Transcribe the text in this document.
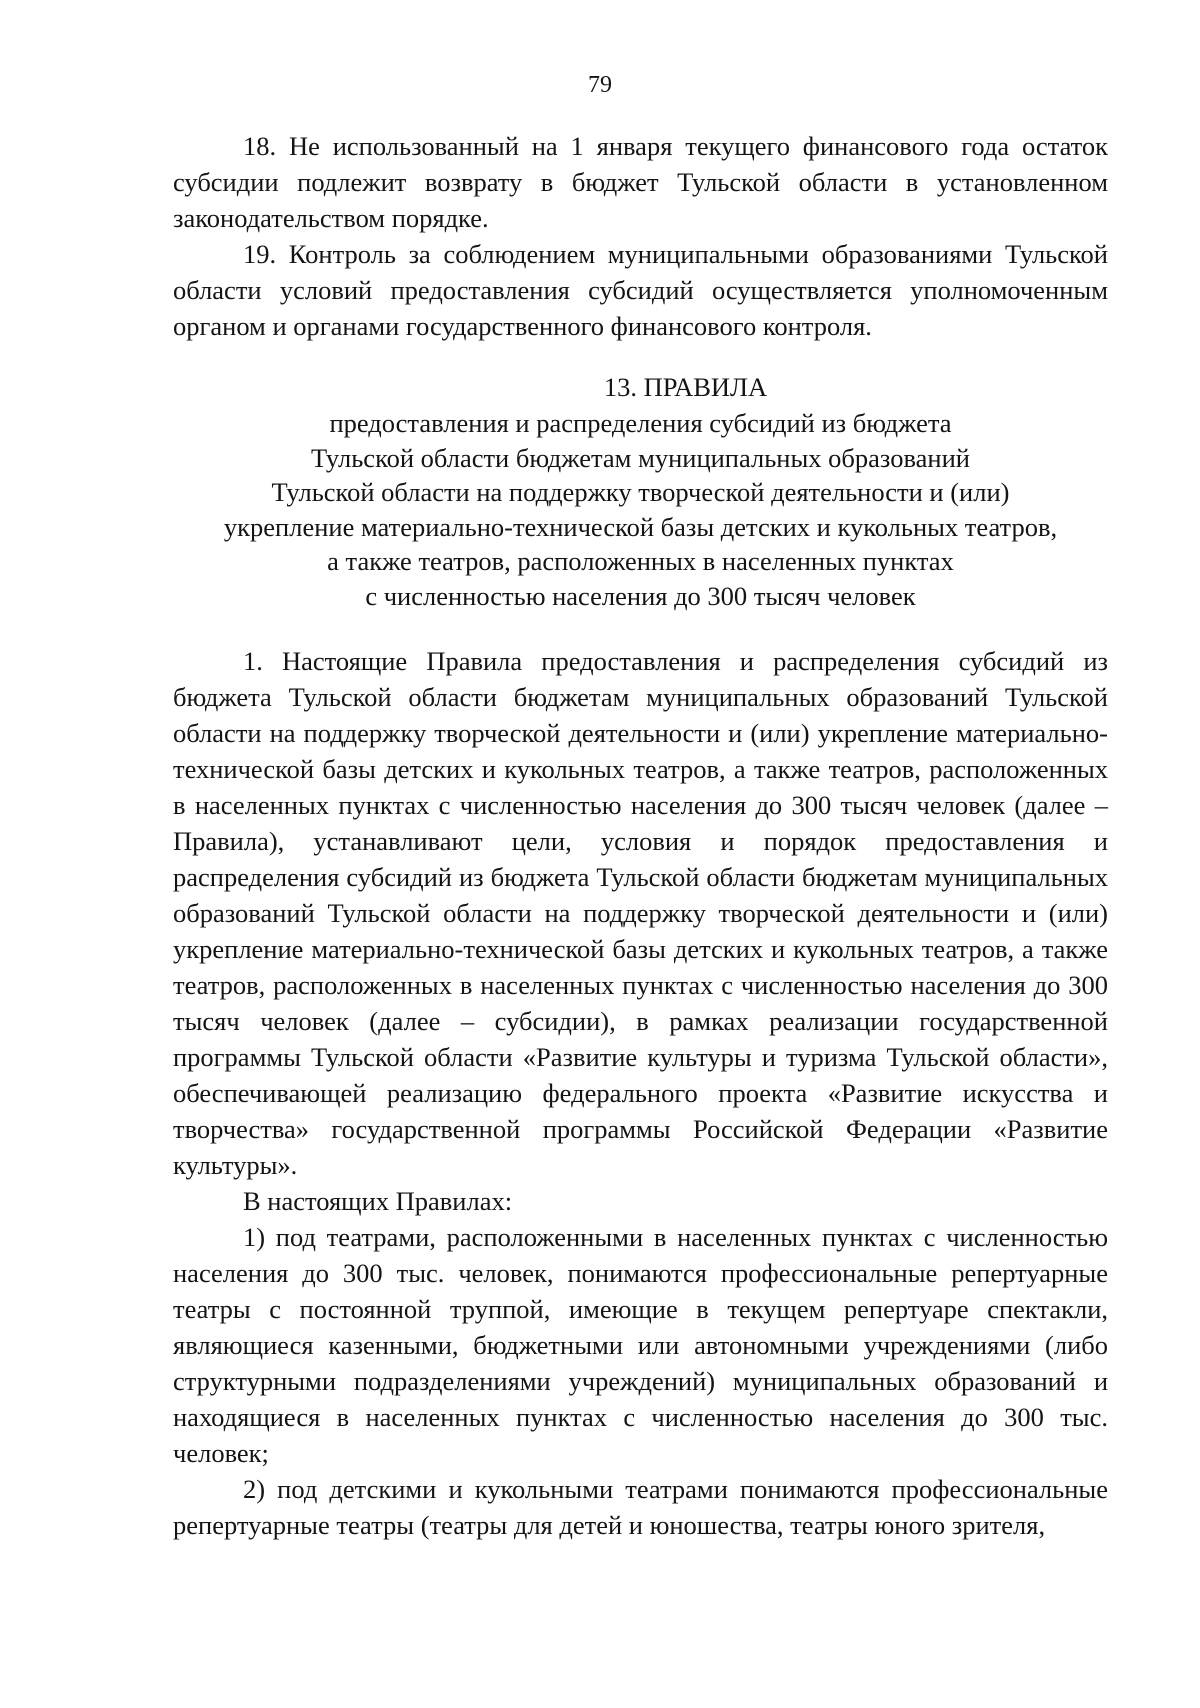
79

18. Не использованный на 1 января текущего финансового года остаток субсидии подлежит возврату в бюджет Тульской области в установленном законодательством порядке.

19. Контроль за соблюдением муниципальными образованиями Тульской области условий предоставления субсидий осуществляется уполномоченным органом и органами государственного финансового контроля.

13. ПРАВИЛА

предоставления и распределения субсидий из бюджета
Тульской области бюджетам муниципальных образований
Тульской области на поддержку творческой деятельности и (или)
укрепление материально-технической базы детских и кукольных театров,
а также театров, расположенных в населенных пунктах
с численностью населения до 300 тысяч человек

1. Настоящие Правила предоставления и распределения субсидий из бюджета Тульской области бюджетам муниципальных образований Тульской области на поддержку творческой деятельности и (или) укрепление материально-технической базы детских и кукольных театров, а также театров, расположенных в населенных пунктах с численностью населения до 300 тысяч человек (далее – Правила), устанавливают цели, условия и порядок предоставления и распределения субсидий из бюджета Тульской области бюджетам муниципальных образований Тульской области на поддержку творческой деятельности и (или) укрепление материально-технической базы детских и кукольных театров, а также театров, расположенных в населенных пунктах с численностью населения до 300 тысяч человек (далее – субсидии), в рамках реализации государственной программы Тульской области «Развитие культуры и туризма Тульской области», обеспечивающей реализацию федерального проекта «Развитие искусства и творчества» государственной программы Российской Федерации «Развитие культуры».

В настоящих Правилах:

1) под театрами, расположенными в населенных пунктах с численностью населения до 300 тыс. человек, понимаются профессиональные репертуарные театры с постоянной труппой, имеющие в текущем репертуаре спектакли, являющиеся казенными, бюджетными или автономными учреждениями (либо структурными подразделениями учреждений) муниципальных образований и находящиеся в населенных пунктах с численностью населения до 300 тыс. человек;

2) под детскими и кукольными театрами понимаются профессиональные репертуарные театры (театры для детей и юношества, театры юного зрителя,
